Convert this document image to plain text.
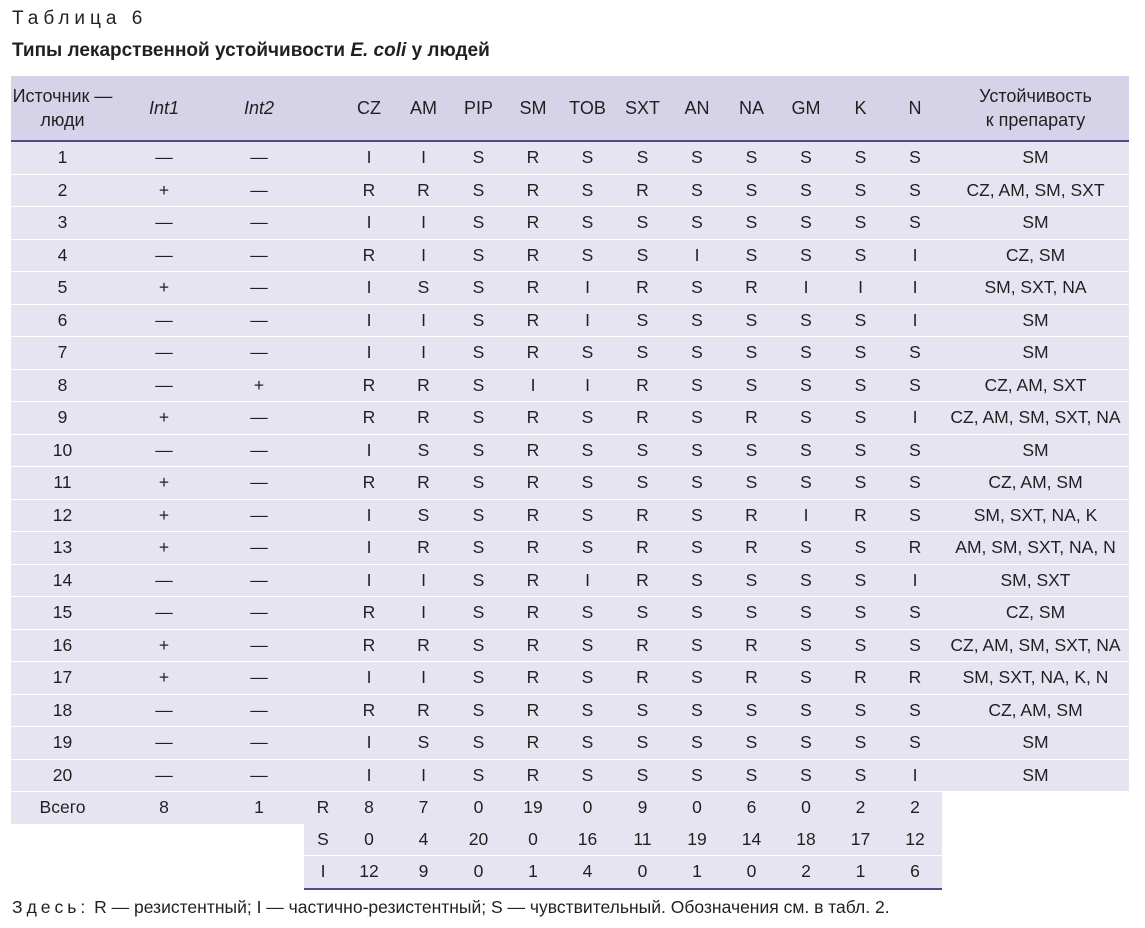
Таблица 6
Типы лекарственной устойчивости E. coli у людей
Источник —
люди	Int1	Int2		CZ	AM	PIP	SM	TOB	SXT	AN	NA	GM	K	N	Устойчивость
к препарату
1	—	—		I	I	S	R	S	S	S	S	S	S	S	SM
2	+	—		R	R	S	R	S	R	S	S	S	S	S	CZ, AM, SM, SXT
3	—	—		I	I	S	R	S	S	S	S	S	S	S	SM
4	—	—		R	I	S	R	S	S	I	S	S	S	I	CZ, SM
5	+	—		I	S	S	R	I	R	S	R	I	I	I	SM, SXT, NA
6	—	—		I	I	S	R	I	S	S	S	S	S	I	SM
7	—	—		I	I	S	R	S	S	S	S	S	S	S	SM
8	—	+		R	R	S	I	I	R	S	S	S	S	S	CZ, AM, SXT
9	+	—		R	R	S	R	S	R	S	R	S	S	I	CZ, AM, SM, SXT, NA
10	—	—		I	S	S	R	S	S	S	S	S	S	S	SM
11	+	—		R	R	S	R	S	S	S	S	S	S	S	CZ, AM, SM
12	+	—		I	S	S	R	S	R	S	R	I	R	S	SM, SXT, NA, K
13	+	—		I	R	S	R	S	R	S	R	S	S	R	AM, SM, SXT, NA, N
14	—	—		I	I	S	R	I	R	S	S	S	S	I	SM, SXT
15	—	—		R	I	S	R	S	S	S	S	S	S	S	CZ, SM
16	+	—		R	R	S	R	S	R	S	R	S	S	S	CZ, AM, SM, SXT, NA
17	+	—		I	I	S	R	S	R	S	R	S	R	R	SM, SXT, NA, K, N
18	—	—		R	R	S	R	S	S	S	S	S	S	S	CZ, AM, SM
19	—	—		I	S	S	R	S	S	S	S	S	S	S	SM
20	—	—		I	I	S	R	S	S	S	S	S	S	I	SM
Всего	8	1	R	8	7	0	19	0	9	0	6	0	2	2	
			S	0	4	20	0	16	11	19	14	18	17	12	
			I	12	9	0	1	4	0	1	0	2	1	6	
Здесь: R — резистентный; I — частично-резистентный; S — чувствительный. Обозначения см. в табл. 2.
